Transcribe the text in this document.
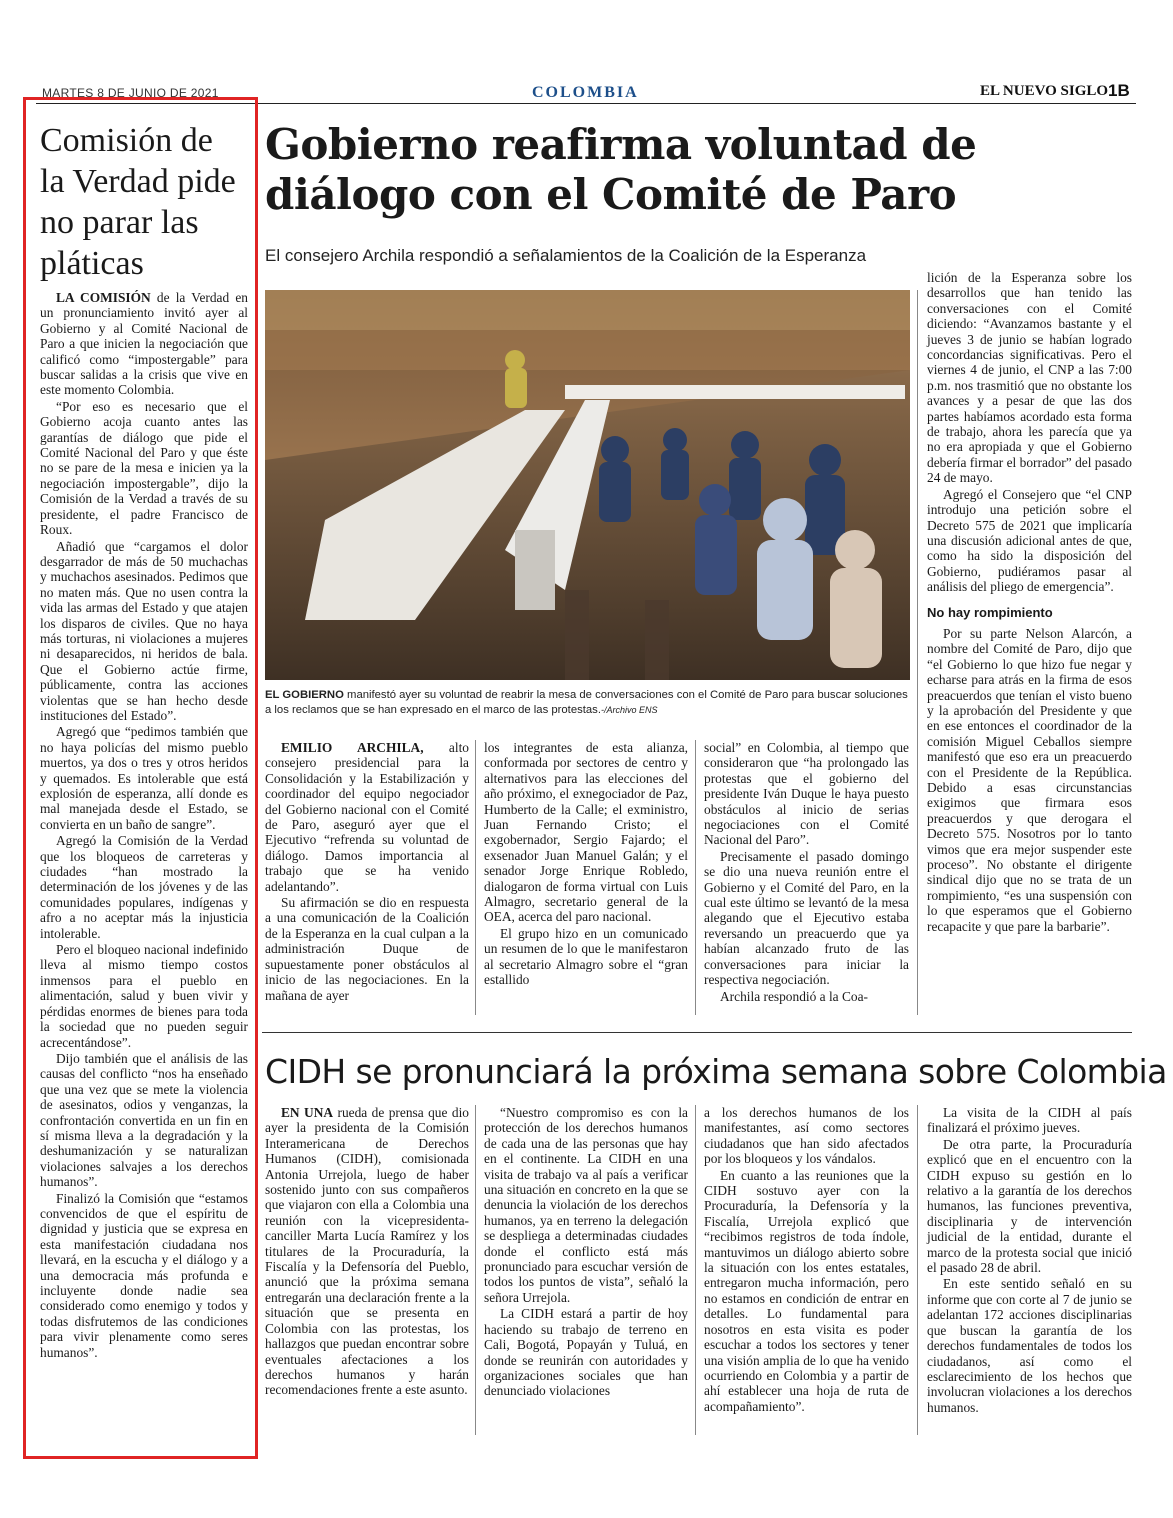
MARTES 8 DE JUNIO DE 2021	COLOMBIA	EL NUEVO SIGLO 1B
Comisión de la Verdad pide no parar las pláticas

LA COMISIÓN de la Verdad en un pronunciamiento invitó ayer al Gobierno y al Comité Nacional de Paro a que inicien la negociación que calificó como “impostergable” para buscar salidas a la crisis que vive en este momento Colombia.

“Por eso es necesario que el Gobierno acoja cuanto antes las garantías de diálogo que pide el Comité Nacional del Paro y que éste no se pare de la mesa e inicien ya la negociación impostergable”, dijo la Comisión de la Verdad a través de su presidente, el padre Francisco de Roux.

Añadió que “cargamos el dolor desgarrador de más de 50 muchachas y muchachos asesinados. Pedimos que no maten más. Que no usen contra la vida las armas del Estado y que atajen los disparos de civiles. Que no haya más torturas, ni violaciones a mujeres ni desaparecidos, ni heridos de bala. Que el Gobierno actúe firme, públicamente, contra las acciones violentas que se han hecho desde instituciones del Estado”.

Agregó que “pedimos también que no haya policías del mismo pueblo muertos, ya dos o tres y otros heridos y quemados. Es intolerable que está explosión de esperanza, allí donde es mal manejada desde el Estado, se convierta en un baño de sangre”.

Agregó la Comisión de la Verdad que los bloqueos de carreteras y ciudades “han mostrado la determinación de los jóvenes y de las comunidades populares, indígenas y afro a no aceptar más la injusticia intolerable.

Pero el bloqueo nacional indefinido lleva al mismo tiempo costos inmensos para el pueblo en alimentación, salud y buen vivir y pérdidas enormes de bienes para toda la sociedad que no pueden seguir acrecentándose”.

Dijo también que el análisis de las causas del conflicto “nos ha enseñado que una vez que se mete la violencia de asesinatos, odios y venganzas, la confrontación convertida en un fin en sí misma lleva a la degradación y la deshumanización y se naturalizan violaciones salvajes a los derechos humanos”.

Finalizó la Comisión que “estamos convencidos de que el espíritu de dignidad y justicia que se expresa en esta manifestación ciudadana nos llevará, en la escucha y el diálogo y a una democracia más profunda e incluyente donde nadie sea considerado como enemigo y todos y todas disfrutemos de las condiciones para vivir plenamente como seres humanos”.

Gobierno reafirma voluntad de diálogo con el Comité de Paro
El consejero Archila respondió a señalamientos de la Coalición de la Esperanza
EL GOBIERNO manifestó ayer su voluntad de reabrir la mesa de conversaciones con el Comité de Paro para buscar soluciones a los reclamos que se han expresado en el marco de las protestas.-/Archivo ENS

EMILIO ARCHILA, alto consejero presidencial para la Consolidación y la Estabilización y coordinador del equipo negociador del Gobierno nacional con el Comité de Paro, aseguró ayer que el Ejecutivo “refrenda su voluntad de diálogo. Damos importancia al trabajo que se ha venido adelantando”.

Su afirmación se dio en respuesta a una comunicación de la Coalición de la Esperanza en la cual culpan a la administración Duque de supuestamente poner obstáculos al inicio de las negociaciones. En la mañana de ayer

los integrantes de esta alianza, conformada por sectores de centro y alternativos para las elecciones del año próximo, el exnegociador de Paz, Humberto de la Calle; el exministro, Juan Fernando Cristo; el exgobernador, Sergio Fajardo; el exsenador Juan Manuel Galán; y el senador Jorge Enrique Robledo, dialogaron de forma virtual con Luis Almagro, secretario general de la OEA, acerca del paro nacional.

El grupo hizo en un comunicado un resumen de lo que le manifestaron al secretario Almagro sobre el “gran estallido

social” en Colombia, al tiempo que consideraron que “ha prolongado las protestas que el gobierno del presidente Iván Duque le haya puesto obstáculos al inicio de serias negociaciones con el Comité Nacional del Paro”.

Precisamente el pasado domingo se dio una nueva reunión entre el Gobierno y el Comité del Paro, en la cual este último se levantó de la mesa alegando que el Ejecutivo estaba reversando un preacuerdo que ya habían alcanzado fruto de las conversaciones para iniciar la respectiva negociación.

Archila respondió a la Coa-

lición de la Esperanza sobre los desarrollos que han tenido las conversaciones con el Comité diciendo: “Avanzamos bastante y el jueves 3 de junio se habían logrado concordancias significativas. Pero el viernes 4 de junio, el CNP a las 7:00 p.m. nos trasmitió que no obstante los avances y a pesar de que las dos partes habíamos acordado esta forma de trabajo, ahora les parecía que ya no era apropiada y que el Gobierno debería firmar el borrador” del pasado 24 de mayo.

Agregó el Consejero que “el CNP introdujo una petición sobre el Decreto 575 de 2021 que implicaría una discusión adicional antes de que, como ha sido la disposición del Gobierno, pudiéramos pasar al análisis del pliego de emergencia”.

No hay rompimiento

Por su parte Nelson Alarcón, a nombre del Comité de Paro, dijo que “el Gobierno lo que hizo fue negar y echarse para atrás en la firma de esos preacuerdos que tenían el visto bueno y la aprobación del Presidente y que en ese entonces el coordinador de la comisión Miguel Ceballos siempre manifestó que eso era un preacuerdo con el Presidente de la República. Debido a esas circunstancias exigimos que firmara esos preacuerdos y que derogara el Decreto 575. Nosotros por lo tanto vimos que era mejor suspender este proceso”. No obstante el dirigente sindical dijo que no se trata de un rompimiento, “es una suspensión con lo que esperamos que el Gobierno recapacite y que pare la barbarie”.

CIDH se pronunciará la próxima semana sobre Colombia

EN UNA rueda de prensa que dio ayer la presidenta de la Comisión Interamericana de Derechos Humanos (CIDH), comisionada Antonia Urrejola, luego de haber sostenido junto con sus compañeros que viajaron con ella a Colombia una reunión con la vicepresidenta-canciller Marta Lucía Ramírez y los titulares de la Procuraduría, la Fiscalía y la Defensoría del Pueblo, anunció que la próxima semana entregarán una declaración frente a la situación que se presenta en Colombia con las protestas, los hallazgos que puedan encontrar sobre eventuales afectaciones a los derechos humanos y harán recomendaciones frente a este asunto.

“Nuestro compromiso es con la protección de los derechos humanos de cada una de las personas que hay en el continente. La CIDH en una visita de trabajo va al país a verificar una situación en concreto en la que se denuncia la violación de los derechos humanos, ya en terreno la delegación se despliega a determinadas ciudades donde el conflicto está más pronunciado para escuchar versión de todos los puntos de vista”, señaló la señora Urrejola.

La CIDH estará a partir de hoy haciendo su trabajo de terreno en Cali, Bogotá, Popayán y Tuluá, en donde se reunirán con autoridades y organizaciones sociales que han denunciado violaciones

a los derechos humanos de los manifestantes, así como sectores ciudadanos que han sido afectados por los bloqueos y los vándalos.

En cuanto a las reuniones que la CIDH sostuvo ayer con la Procuraduría, la Defensoría y la Fiscalía, Urrejola explicó que “recibimos registros de toda índole, mantuvimos un diálogo abierto sobre la situación con los entes estatales, entregaron mucha información, pero no estamos en condición de entrar en detalles. Lo fundamental para nosotros en esta visita es poder escuchar a todos los sectores y tener una visión amplia de lo que ha venido ocurriendo en Colombia y a partir de ahí establecer una hoja de ruta de acompañamiento”.

La visita de la CIDH al país finalizará el próximo jueves.

De otra parte, la Procuraduría explicó que en el encuentro con la CIDH expuso su gestión en lo relativo a la garantía de los derechos humanos, las funciones preventiva, disciplinaria y de intervención judicial de la entidad, durante el marco de la protesta social que inició el pasado 28 de abril.

En este sentido señaló en su informe que con corte al 7 de junio se adelantan 172 acciones disciplinarias que buscan la garantía de los derechos fundamentales de todos los ciudadanos, así como el esclarecimiento de los hechos que involucran violaciones a los derechos humanos.
